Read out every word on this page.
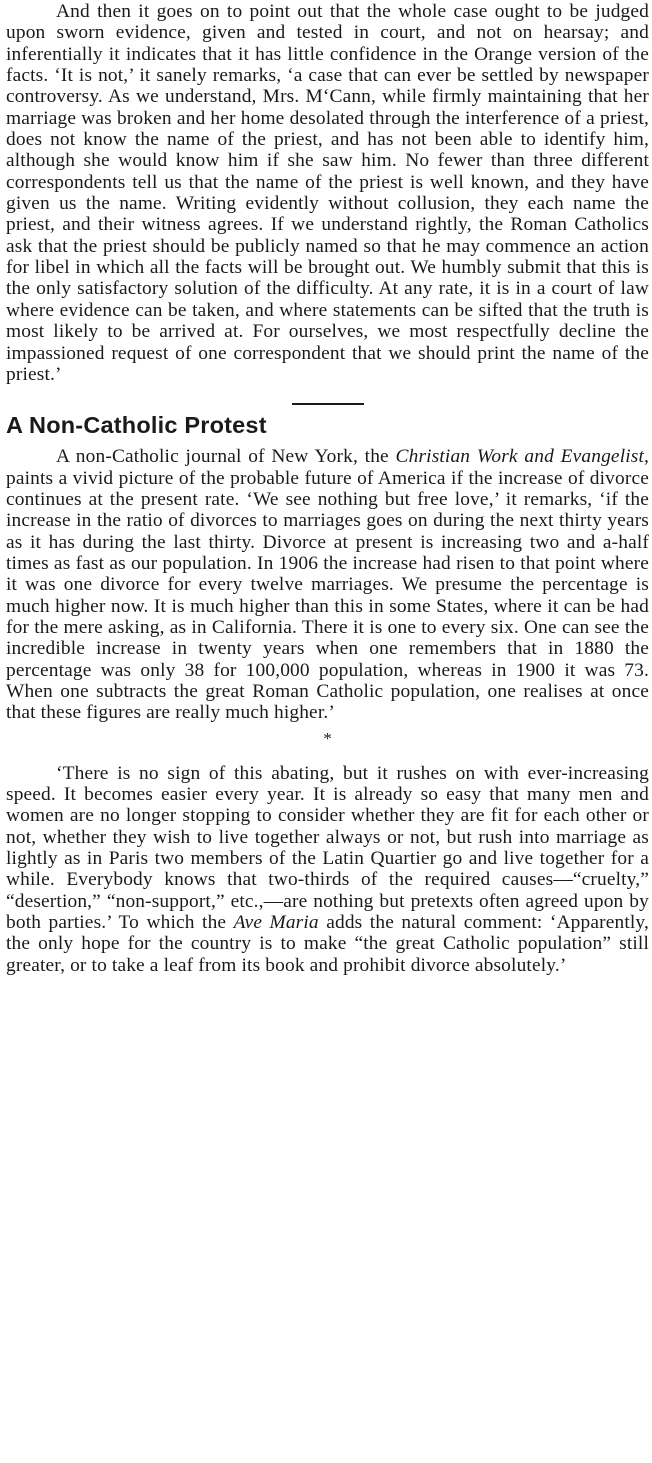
And then it goes on to point out that the whole case ought to be judged upon sworn evidence, given and tested in court, and not on hearsay; and inferentially it indicates that it has little confidence in the Orange version of the facts. ‘It is not,’ it sanely remarks, ‘a case that can ever be settled by newspaper controversy. As we understand, Mrs. M‘Cann, while firmly maintaining that her marriage was broken and her home desolated through the interference of a priest, does not know the name of the priest, and has not been able to identify him, although she would know him if she saw him. No fewer than three different correspondents tell us that the name of the priest is well known, and they have given us the name. Writing evidently without collusion, they each name the priest, and their witness agrees. If we understand rightly, the Roman Catholics ask that the priest should be publicly named so that he may commence an action for libel in which all the facts will be brought out. We humbly submit that this is the only satisfactory solution of the difficulty. At any rate, it is in a court of law where evidence can be taken, and where statements can be sifted that the truth is most likely to be arrived at. For ourselves, we most respectfully decline the impassioned request of one correspondent that we should print the name of the priest.’

A Non-Catholic Protest

A non-Catholic journal of New York, the Christian Work and Evangelist, paints a vivid picture of the probable future of America if the increase of divorce continues at the present rate. ‘We see nothing but free love,’ it remarks, ‘if the increase in the ratio of divorces to marriages goes on during the next thirty years as it has during the last thirty. Divorce at present is increasing two and a-half times as fast as our population. In 1906 the increase had risen to that point where it was one divorce for every twelve marriages. We presume the percentage is much higher now. It is much higher than this in some States, where it can be had for the mere asking, as in California. There it is one to every six. One can see the incredible increase in twenty years when one remembers that in 1880 the percentage was only 38 for 100,000 population, whereas in 1900 it was 73. When one subtracts the great Roman Catholic population, one realises at once that these figures are really much higher.’

*

‘There is no sign of this abating, but it rushes on with ever-increasing speed. It becomes easier every year. It is already so easy that many men and women are no longer stopping to consider whether they are fit for each other or not, whether they wish to live together always or not, but rush into marriage as lightly as in Paris two members of the Latin Quartier go and live together for a while. Everybody knows that two-thirds of the required causes—“cruelty,” “desertion,” “non-support,” etc.,—are nothing but pretexts often agreed upon by both parties.’ To which the Ave Maria adds the natural comment: ‘Apparently, the only hope for the country is to make “the great Catholic population” still greater, or to take a leaf from its book and prohibit divorce absolutely.’
